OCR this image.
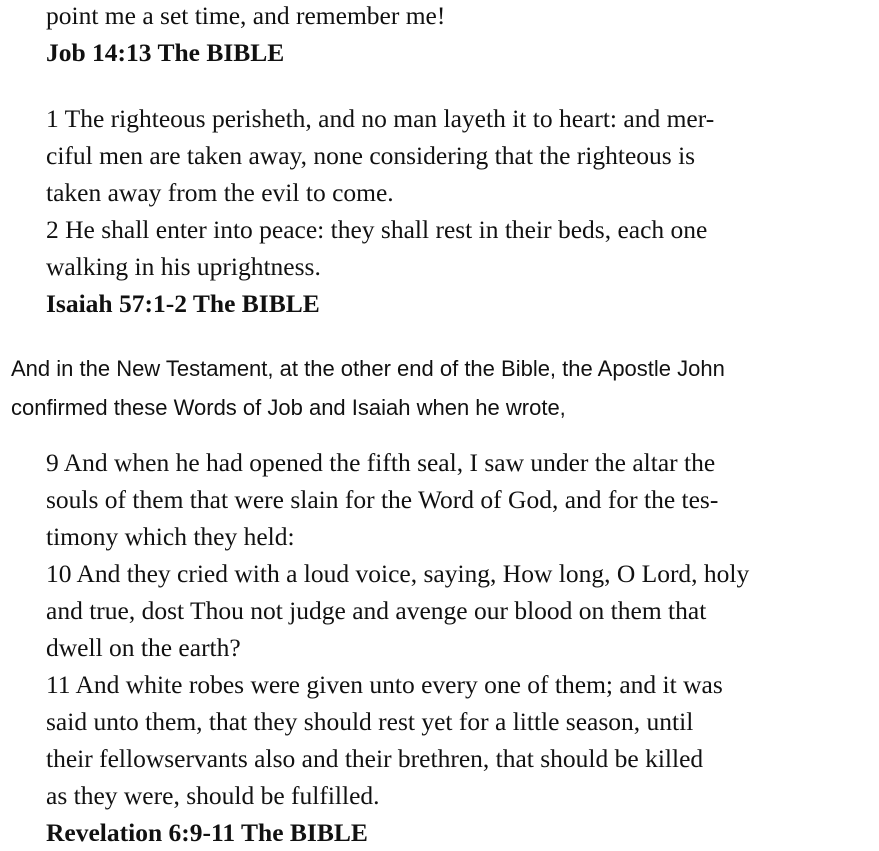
point me a set time, and remember me!
Job 14:13 The BIBLE
1 The righteous perisheth, and no man layeth it to heart: and mer-
ciful men are taken away, none considering that the righteous is
taken away from the evil to come.
2 He shall enter into peace: they shall rest in their beds, each one
walking in his uprightness.
Isaiah 57:1-2 The BIBLE
And in the New Testament, at the other end of the Bible, the Apostle John
confirmed these Words of Job and Isaiah when he wrote,
9 And when he had opened the fifth seal, I saw under the altar the
souls of them that were slain for the Word of God, and for the tes-
timony which they held:
10 And they cried with a loud voice, saying, How long, O Lord, holy
and true, dost Thou not judge and avenge our blood on them that
dwell on the earth?
11 And white robes were given unto every one of them; and it was
said unto them, that they should rest yet for a little season, until
their fellowservants also and their brethren, that should be killed
as they were, should be fulfilled.
Revelation 6:9-11 The BIBLE
